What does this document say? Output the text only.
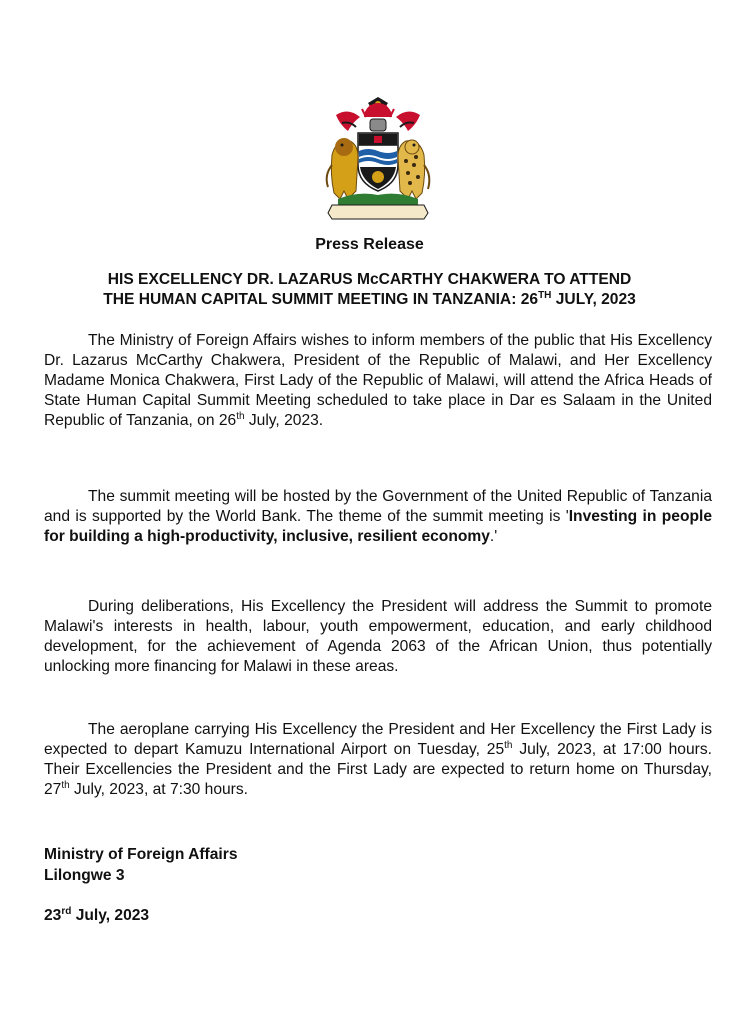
Press Release
HIS EXCELLENCY DR. LAZARUS McCARTHY CHAKWERA TO ATTEND
THE HUMAN CAPITAL SUMMIT MEETING IN TANZANIA: 26TH JULY, 2023

The Ministry of Foreign Affairs wishes to inform members of the public that His Excellency Dr. Lazarus McCarthy Chakwera, President of the Republic of Malawi, and Her Excellency Madame Monica Chakwera, First Lady of the Republic of Malawi, will attend the Africa Heads of State Human Capital Summit Meeting scheduled to take place in Dar es Salaam in the United Republic of Tanzania, on 26th July, 2023.

The summit meeting will be hosted by the Government of the United Republic of Tanzania and is supported by the World Bank. The theme of the summit meeting is 'Investing in people for building a high-productivity, inclusive, resilient economy.'

During deliberations, His Excellency the President will address the Summit to promote Malawi's interests in health, labour, youth empowerment, education, and early childhood development, for the achievement of Agenda 2063 of the African Union, thus potentially unlocking more financing for Malawi in these areas.

The aeroplane carrying His Excellency the President and Her Excellency the First Lady is expected to depart Kamuzu International Airport on Tuesday, 25th July, 2023, at 17:00 hours. Their Excellencies the President and the First Lady are expected to return home on Thursday, 27th July, 2023, at 7:30 hours.

Ministry of Foreign Affairs
Lilongwe 3
23rd July, 2023
